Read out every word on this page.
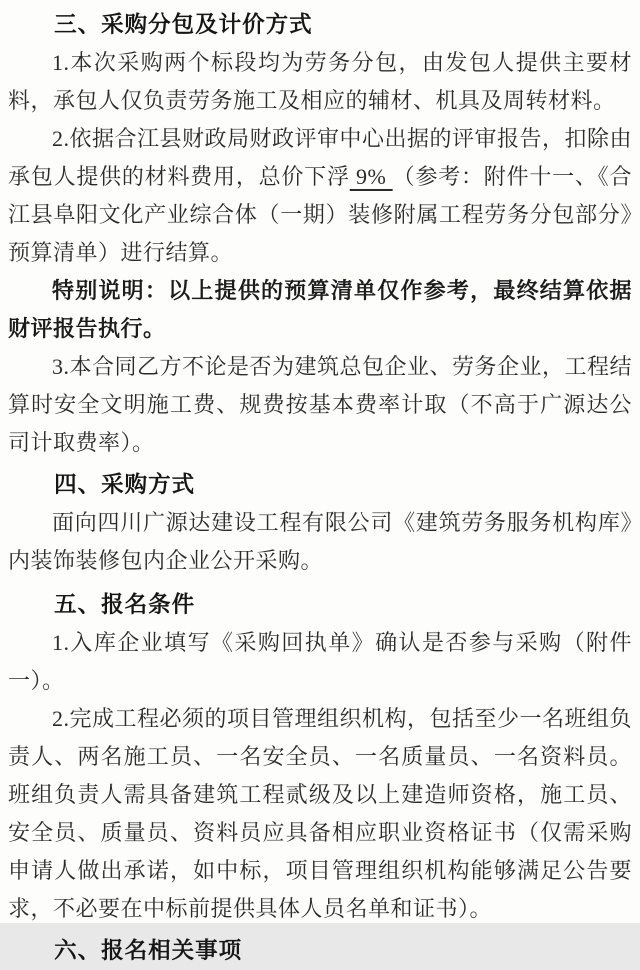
三、采购分包及计价方式

1.本次采购两个标段均为劳务分包，由发包人提供主要材料，承包人仅负责劳务施工及相应的辅材、机具及周转材料。

2.依据合江县财政局财政评审中心出据的评审报告，扣除由承包人提供的材料费用，总价下浮 9% （参考：附件十一、《合江县阜阳文化产业综合体（一期）装修附属工程劳务分包部分》预算清单）进行结算。

特别说明：以上提供的预算清单仅作参考，最终结算依据财评报告执行。

3.本合同乙方不论是否为建筑总包企业、劳务企业，工程结算时安全文明施工费、规费按基本费率计取（不高于广源达公司计取费率）。

四、采购方式

面向四川广源达建设工程有限公司《建筑劳务服务机构库》内装饰装修包内企业公开采购。

五、报名条件

1.入库企业填写《采购回执单》确认是否参与采购（附件一）。

2.完成工程必须的项目管理组织机构，包括至少一名班组负责人、两名施工员、一名安全员、一名质量员、一名资料员。班组负责人需具备建筑工程贰级及以上建造师资格，施工员、安全员、质量员、资料员应具备相应职业资格证书（仅需采购申请人做出承诺，如中标，项目管理组织机构能够满足公告要求，不必要在中标前提供具体人员名单和证书）。

六、报名相关事项
